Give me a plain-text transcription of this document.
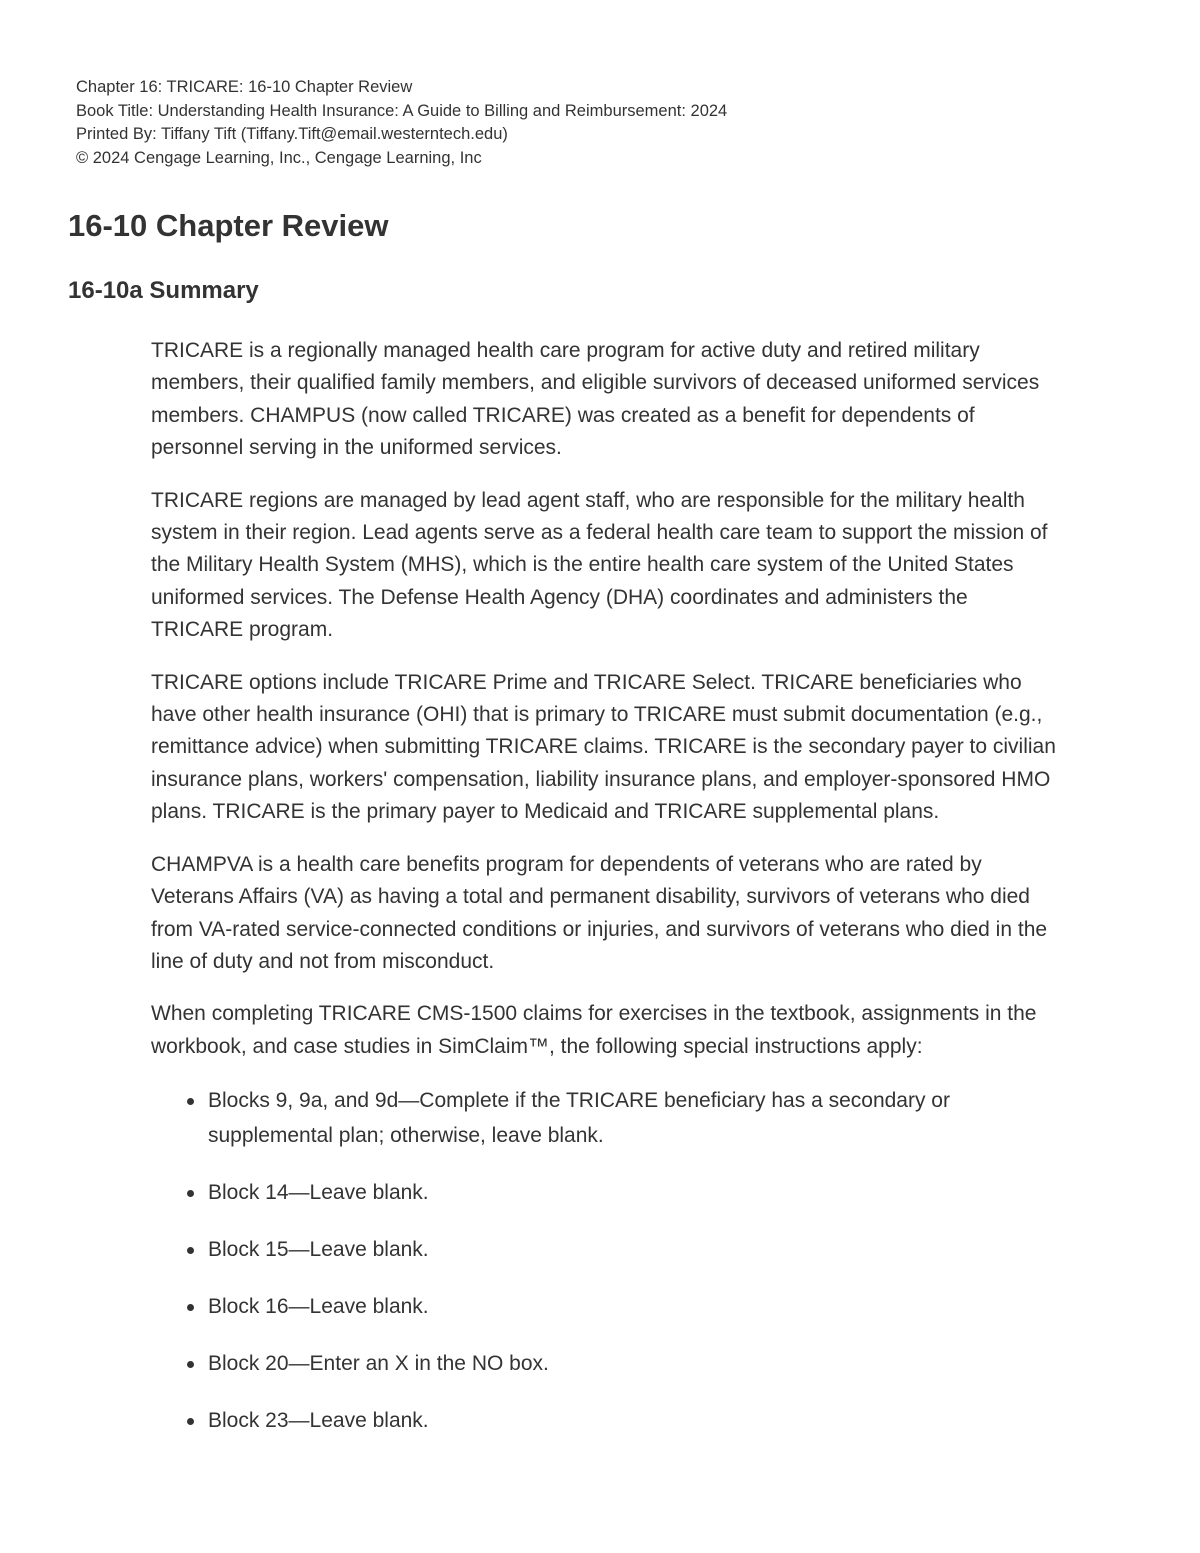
Chapter 16: TRICARE: 16-10 Chapter Review
Book Title: Understanding Health Insurance: A Guide to Billing and Reimbursement: 2024
Printed By: Tiffany Tift (Tiffany.Tift@email.westerntech.edu)
© 2024 Cengage Learning, Inc., Cengage Learning, Inc
16-10 Chapter Review
16-10a Summary

TRICARE is a regionally managed health care program for active duty and retired military members, their qualified family members, and eligible survivors of deceased uniformed services members. CHAMPUS (now called TRICARE) was created as a benefit for dependents of personnel serving in the uniformed services.

TRICARE regions are managed by lead agent staff, who are responsible for the military health system in their region. Lead agents serve as a federal health care team to support the mission of the Military Health System (MHS), which is the entire health care system of the United States uniformed services. The Defense Health Agency (DHA) coordinates and administers the TRICARE program.

TRICARE options include TRICARE Prime and TRICARE Select. TRICARE beneficiaries who have other health insurance (OHI) that is primary to TRICARE must submit documentation (e.g., remittance advice) when submitting TRICARE claims. TRICARE is the secondary payer to civilian insurance plans, workers' compensation, liability insurance plans, and employer-sponsored HMO plans. TRICARE is the primary payer to Medicaid and TRICARE supplemental plans.

CHAMPVA is a health care benefits program for dependents of veterans who are rated by Veterans Affairs (VA) as having a total and permanent disability, survivors of veterans who died from VA-rated service-connected conditions or injuries, and survivors of veterans who died in the line of duty and not from misconduct.

When completing TRICARE CMS-1500 claims for exercises in the textbook, assignments in the workbook, and case studies in SimClaim™, the following special instructions apply:

Blocks 9, 9a, and 9d—Complete if the TRICARE beneficiary has a secondary or supplemental plan; otherwise, leave blank.
Block 14—Leave blank.
Block 15—Leave blank.
Block 16—Leave blank.
Block 20—Enter an X in the NO box.
Block 23—Leave blank.
